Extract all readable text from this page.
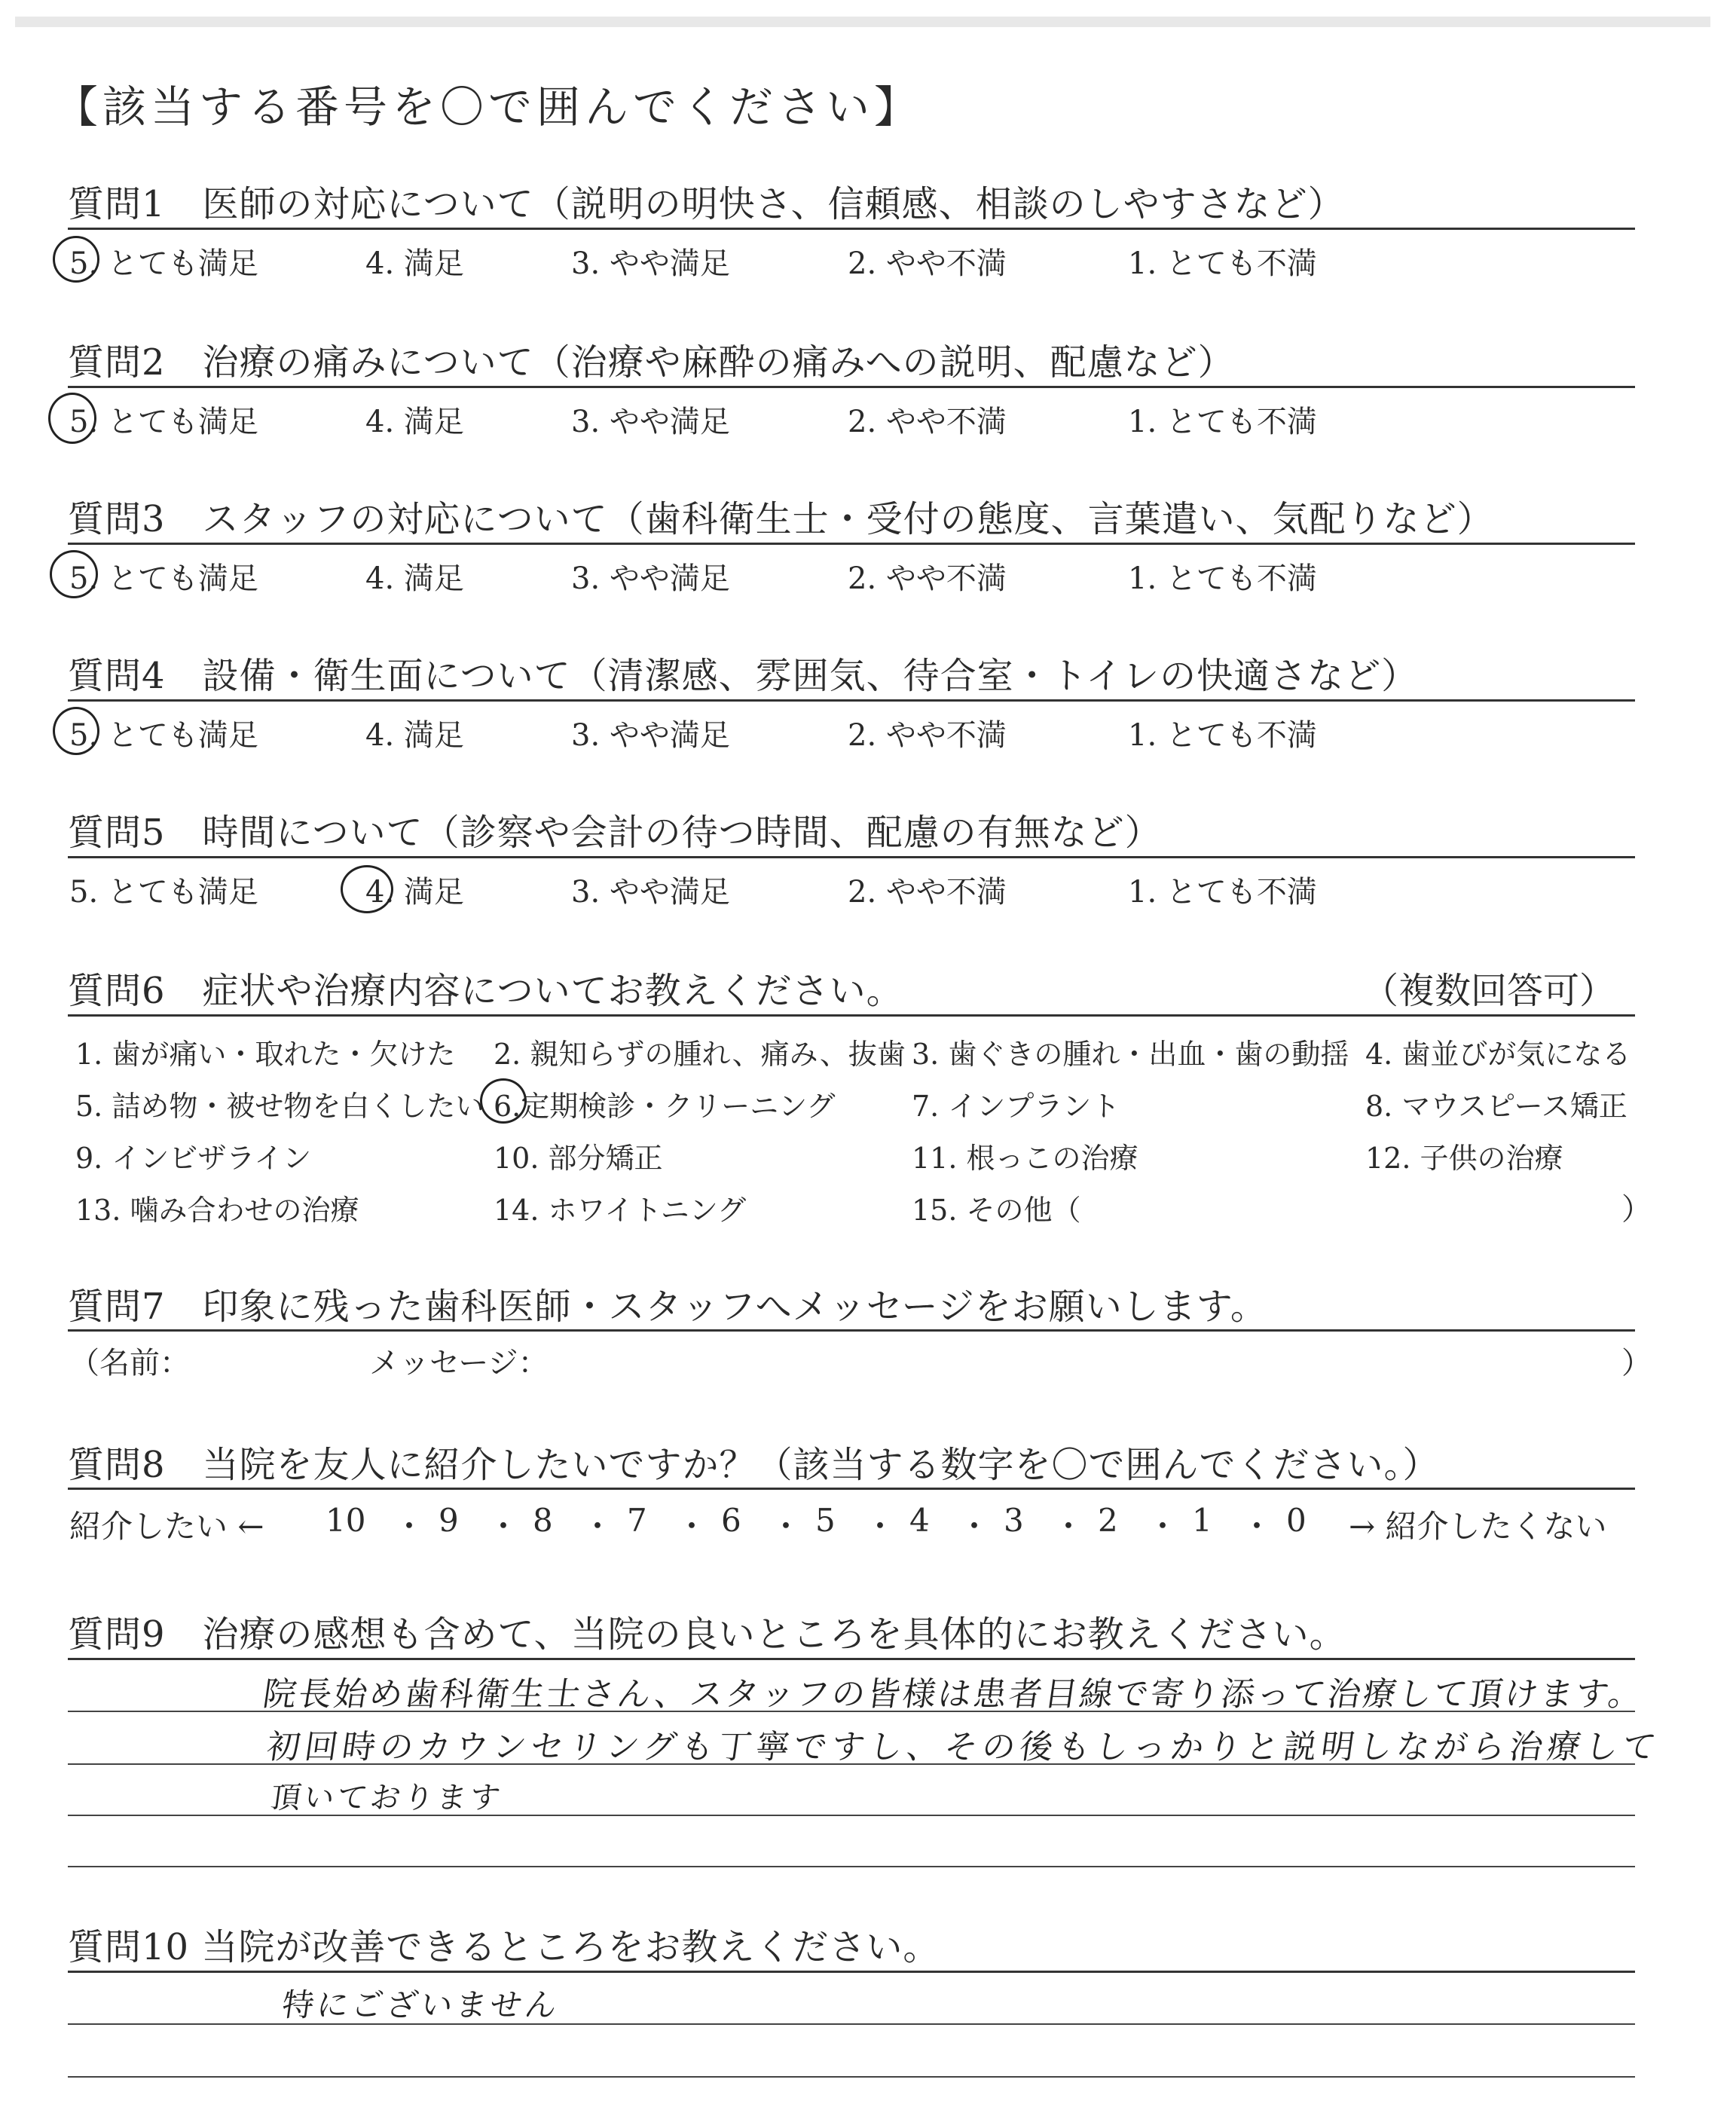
【該当する番号を〇で囲んでください】
質問1　医師の対応について（説明の明快さ、信頼感、相談のしやすさなど）
5. とても満足	4. 満足	3. やや満足	2. やや不満	1. とても不満
質問2　治療の痛みについて（治療や麻酔の痛みへの説明、配慮など）
5. とても満足	4. 満足	3. やや満足	2. やや不満	1. とても不満
質問3　スタッフの対応について（歯科衛生士・受付の態度、言葉遣い、気配りなど）
5. とても満足	4. 満足	3. やや満足	2. やや不満	1. とても不満
質問4　設備・衛生面について（清潔感、雰囲気、待合室・トイレの快適さなど）
5. とても満足	4. 満足	3. やや満足	2. やや不満	1. とても不満
質問5　時間について（診察や会計の待つ時間、配慮の有無など）
5. とても満足	4. 満足	3. やや満足	2. やや不満	1. とても不満
質問6　症状や治療内容についてお教えください。	（複数回答可）
1. 歯が痛い・取れた・欠けた 2. 親知らずの腫れ、痛み、抜歯 3. 歯ぐきの腫れ・出血・歯の動揺 4. 歯並びが気になる
5. 詰め物・被せ物を白くしたい 6.定期検診・クリーニング	7. インプラント	8. マウスピース矯正
9. インビザライン	10. 部分矯正	11. 根っこの治療	12. 子供の治療
13. 噛み合わせの治療	14. ホワイトニング	15. その他（	）
質問7　印象に残った歯科医師・スタッフへメッセージをお願いします。
（名前：	メッセージ：	）
質問8　当院を友人に紹介したいですか？（該当する数字を〇で囲んでください。）
紹介したい ← 10 ・ 9 ・ 8 ・ 7 ・ 6 ・ 5 ・ 4 ・ 3 ・ 2 ・ 1 ・ 0 → 紹介したくない
質問9　治療の感想も含めて、当院の良いところを具体的にお教えください。
院長始め歯科衛生士さん、スタッフの皆様は患者目線で寄り添って治療して頂けます。
初回時のカウンセリングも丁寧ですし、その後もしっかりと説明しながら治療して
頂いております
質問10 当院が改善できるところをお教えください。
特にございません
